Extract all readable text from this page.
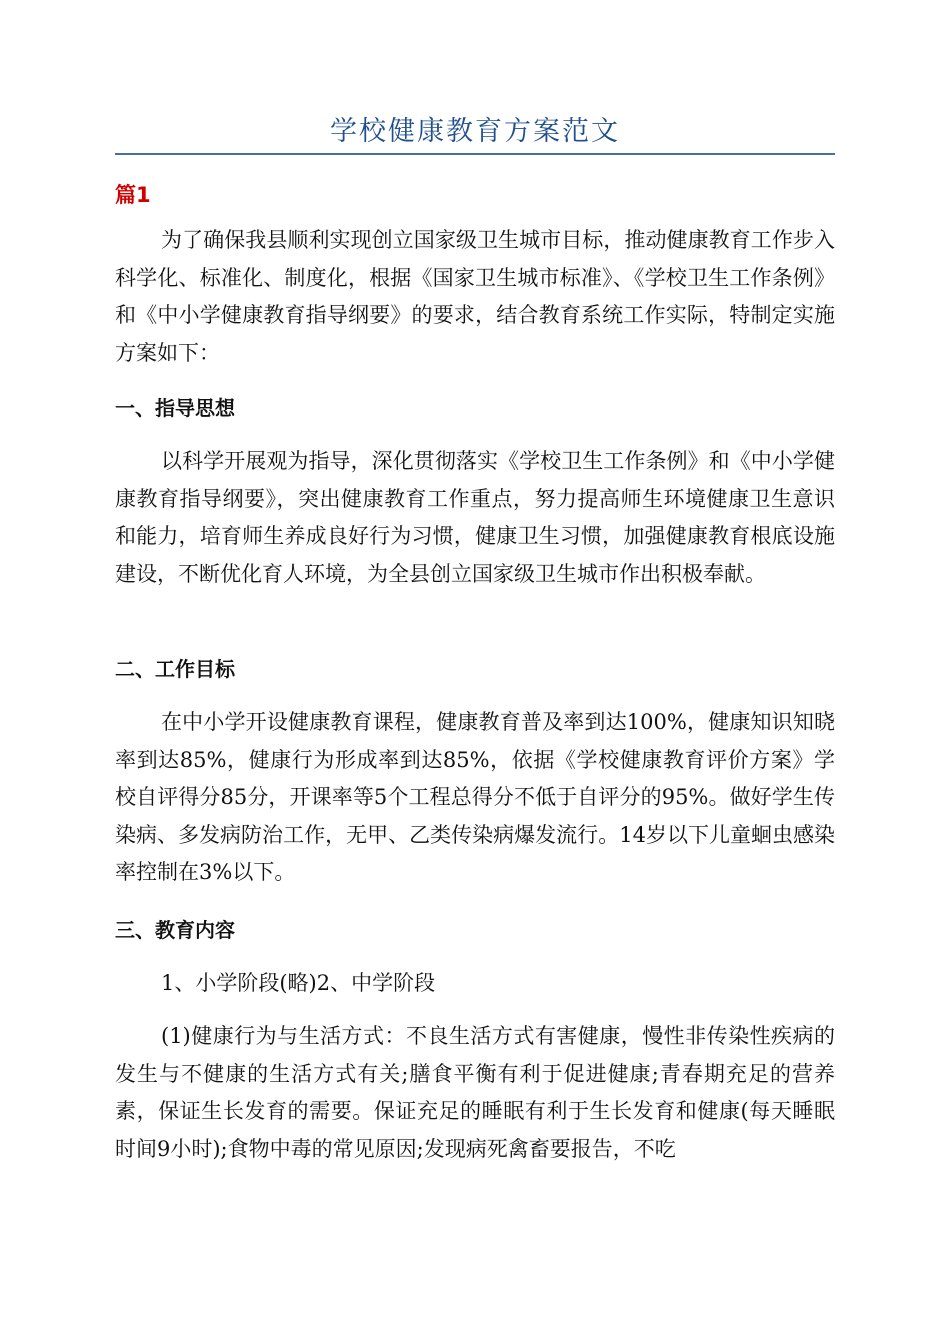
学校健康教育方案范文
篇1

为了确保我县顺利实现创立国家级卫生城市目标，推动健康教育工作步入科学化、标准化、制度化，根据《国家卫生城市标准》、《学校卫生工作条例》和《中小学健康教育指导纲要》的要求，结合教育系统工作实际，特制定实施方案如下：

一、指导思想

以科学开展观为指导，深化贯彻落实《学校卫生工作条例》和《中小学健康教育指导纲要》，突出健康教育工作重点，努力提高师生环境健康卫生意识和能力，培育师生养成良好行为习惯，健康卫生习惯，加强健康教育根底设施建设，不断优化育人环境，为全县创立国家级卫生城市作出积极奉献。

二、工作目标

在中小学开设健康教育课程，健康教育普及率到达100%，健康知识知晓率到达85%，健康行为形成率到达85%，依据《学校健康教育评价方案》学校自评得分85分，开课率等5个工程总得分不低于自评分的95%。做好学生传染病、多发病防治工作，无甲、乙类传染病爆发流行。14岁以下儿童蛔虫感染率控制在3%以下。

三、教育内容

1、小学阶段(略)2、中学阶段

(1)健康行为与生活方式：不良生活方式有害健康，慢性非传染性疾病的发生与不健康的生活方式有关;膳食平衡有利于促进健康;青春期充足的营养素，保证生长发育的需要。保证充足的睡眠有利于生长发育和健康(每天睡眠时间9小时);食物中毒的常见原因;发现病死禽畜要报告，不吃
